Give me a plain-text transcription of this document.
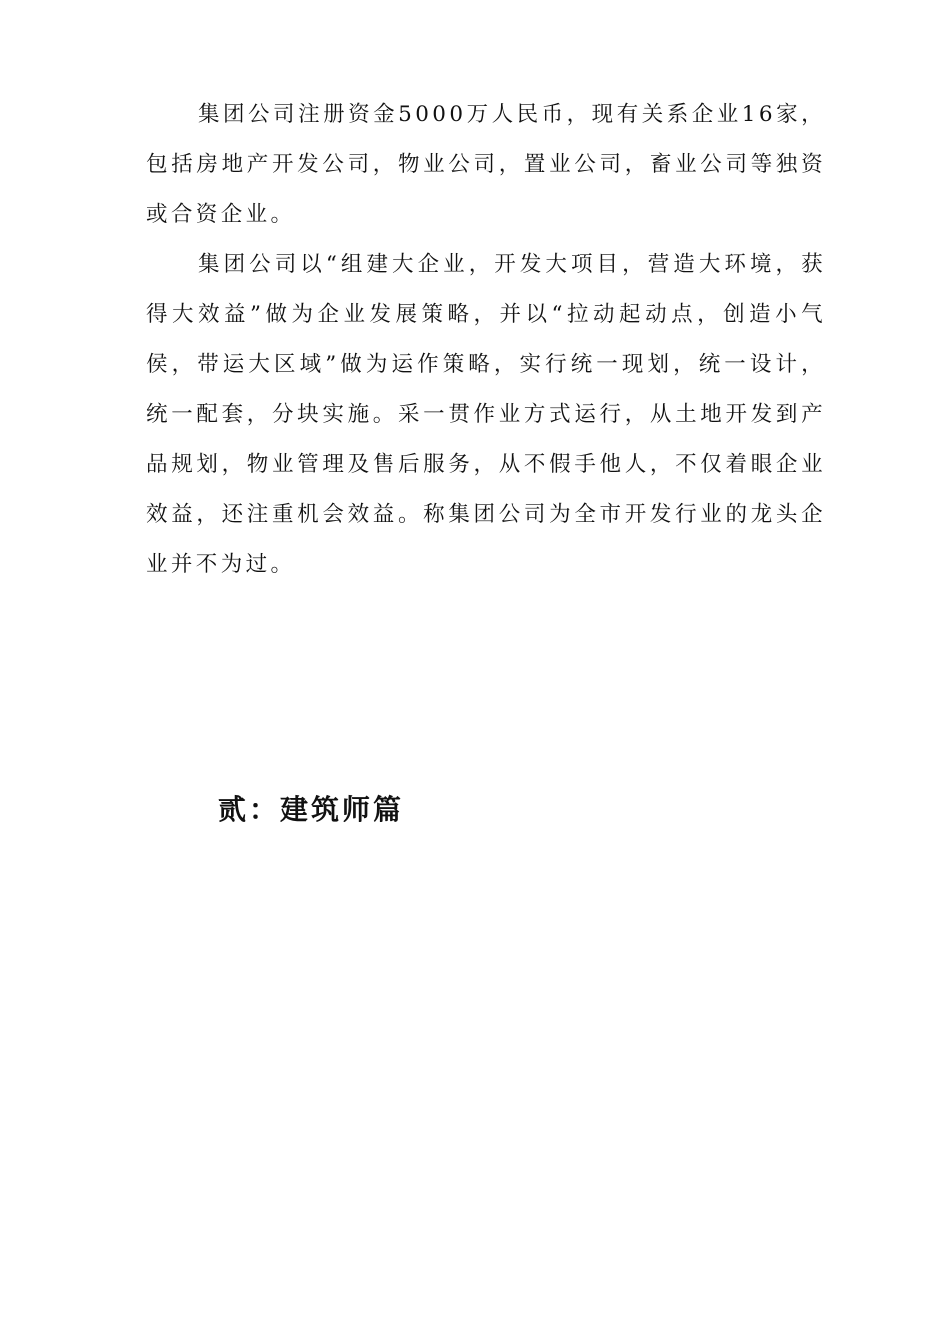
集团公司注册资金5000万人民币，现有关系企业16家，包括房地产开发公司，物业公司，置业公司，畜业公司等独资或合资企业。

集团公司以“组建大企业，开发大项目，营造大环境，获得大效益”做为企业发展策略，并以“拉动起动点，创造小气侯，带运大区域”做为运作策略，实行统一现划，统一设计，统一配套，分块实施。采一贯作业方式运行，从土地开发到产品规划，物业管理及售后服务，从不假手他人，不仅着眼企业效益，还注重机会效益。称集团公司为全市开发行业的龙头企业并不为过。

贰：建筑师篇
